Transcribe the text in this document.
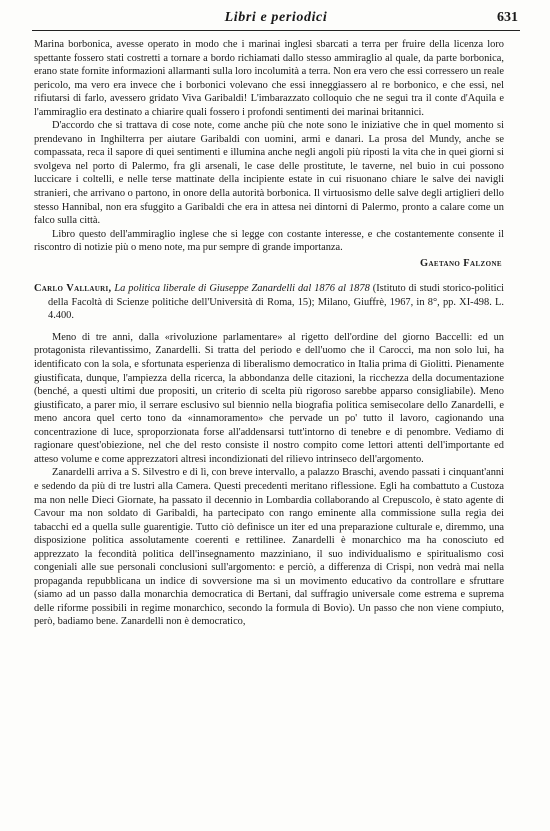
Libri e periodici	631

Marina borbonica, avesse operato in modo che i marinai inglesi sbarcati a terra per fruire della licenza loro spettante fossero stati costretti a tornare a bordo richiamati dallo stesso ammiraglio al quale, da parte borbonica, erano state fornite informazioni allarmanti sulla loro incolumità a terra. Non era vero che essi corressero un reale pericolo, ma vero era invece che i borbonici volevano che essi inneggiassero al re borbonico, e che essi, nel rifiutarsi di farlo, avessero gridato Viva Garibaldi! L'imbarazzato colloquio che ne seguì tra il conte d'Aquila e l'ammiraglio era destinato a chiarire quali fossero i profondi sentimenti dei marinai britannici.

D'accordo che si trattava di cose note, come anche più che note sono le iniziative che in quel momento si prendevano in Inghilterra per aiutare Garibaldi con uomini, armi e danari. La prosa del Mundy, anche se compassata, reca il sapore di quei sentimenti e illumina anche negli angoli più riposti la vita che in quei giorni si svolgeva nel porto di Palermo, fra gli arsenali, le case delle prostitute, le taverne, nel buio in cui possono luccicare i coltelli, e nelle terse mattinate della incipiente estate in cui risuonano chiare le salve dei navigli stranieri, che arrivano o partono, in onore della autorità borbonica. Il virtuosismo delle salve degli artiglieri dello stesso Hannibal, non era sfuggito a Garibaldi che era in attesa nei dintorni di Palermo, pronto a calare come un falco sulla città.

Libro questo dell'ammiraglio inglese che si legge con costante interesse, e che costantemente consente il riscontro di notizie più o meno note, ma pur sempre di grande importanza.

Gaetano Falzone

Carlo Vallauri, La politica liberale di Giuseppe Zanardelli dal 1876 al 1878 (Istituto di studi storico-politici della Facoltà di Scienze politiche dell'Università di Roma, 15); Milano, Giuffrè, 1967, in 8°, pp. XI-498. L. 4.400.

Meno di tre anni, dalla «rivoluzione parlamentare» al rigetto dell'ordine del giorno Baccelli: ed un protagonista rilevantissimo, Zanardelli. Si tratta del periodo e dell'uomo che il Carocci, ma non solo lui, ha identificato con la sola, e sfortunata esperienza di liberalismo democratico in Italia prima di Giolitti. Pienamente giustificata, dunque, l'ampiezza della ricerca, la abbondanza delle citazioni, la ricchezza della documentazione (benché, a questi ultimi due propositi, un criterio di scelta più rigoroso sarebbe apparso consigliabile). Meno giustificato, a parer mio, il serrare esclusivo sul biennio nella biografia politica semisecolare dello Zanardelli, e meno ancora quel certo tono da «innamoramento» che pervade un po' tutto il lavoro, cagionando una concentrazione di luce, sproporzionata forse all'addensarsi tutt'intorno di tenebre e di penombre. Vediamo di ragionare quest'obiezione, nel che del resto consiste il nostro compito come lettori attenti dell'importante ed atteso volume e come apprezzatori altresì incondizionati del rilievo intrinseco dell'argomento.

Zanardelli arriva a S. Silvestro e di lì, con breve intervallo, a palazzo Braschi, avendo passati i cinquant'anni e sedendo da più di tre lustri alla Camera. Questi precedenti meritano riflessione. Egli ha combattuto a Custoza ma non nelle Dieci Giornate, ha passato il decennio in Lombardia collaborando al Crepuscolo, è stato agente di Cavour ma non soldato di Garibaldi, ha partecipato con rango eminente alla commissione sulla regìa dei tabacchi ed a quella sulle guarentigie. Tutto ciò definisce un iter ed una preparazione culturale e, diremmo, una disposizione politica assolutamente coerenti e rettilinee. Zanardelli è monarchico ma ha conosciuto ed apprezzato la fecondità politica dell'insegnamento mazziniano, il suo individualismo e spiritualismo così congeniali alle sue personali conclusioni sull'argomento: e perciò, a differenza di Crispi, non vedrà mai nella propaganda repubblicana un indice di sovversione ma sì un movimento educativo da controllare e sfruttare (siamo ad un passo dalla monarchia democratica di Bertani, dal suffragio universale come estrema e suprema delle riforme possibili in regime monarchico, secondo la formula di Bovio). Un passo che non viene compiuto, però, badiamo bene. Zanardelli non è democratico,
